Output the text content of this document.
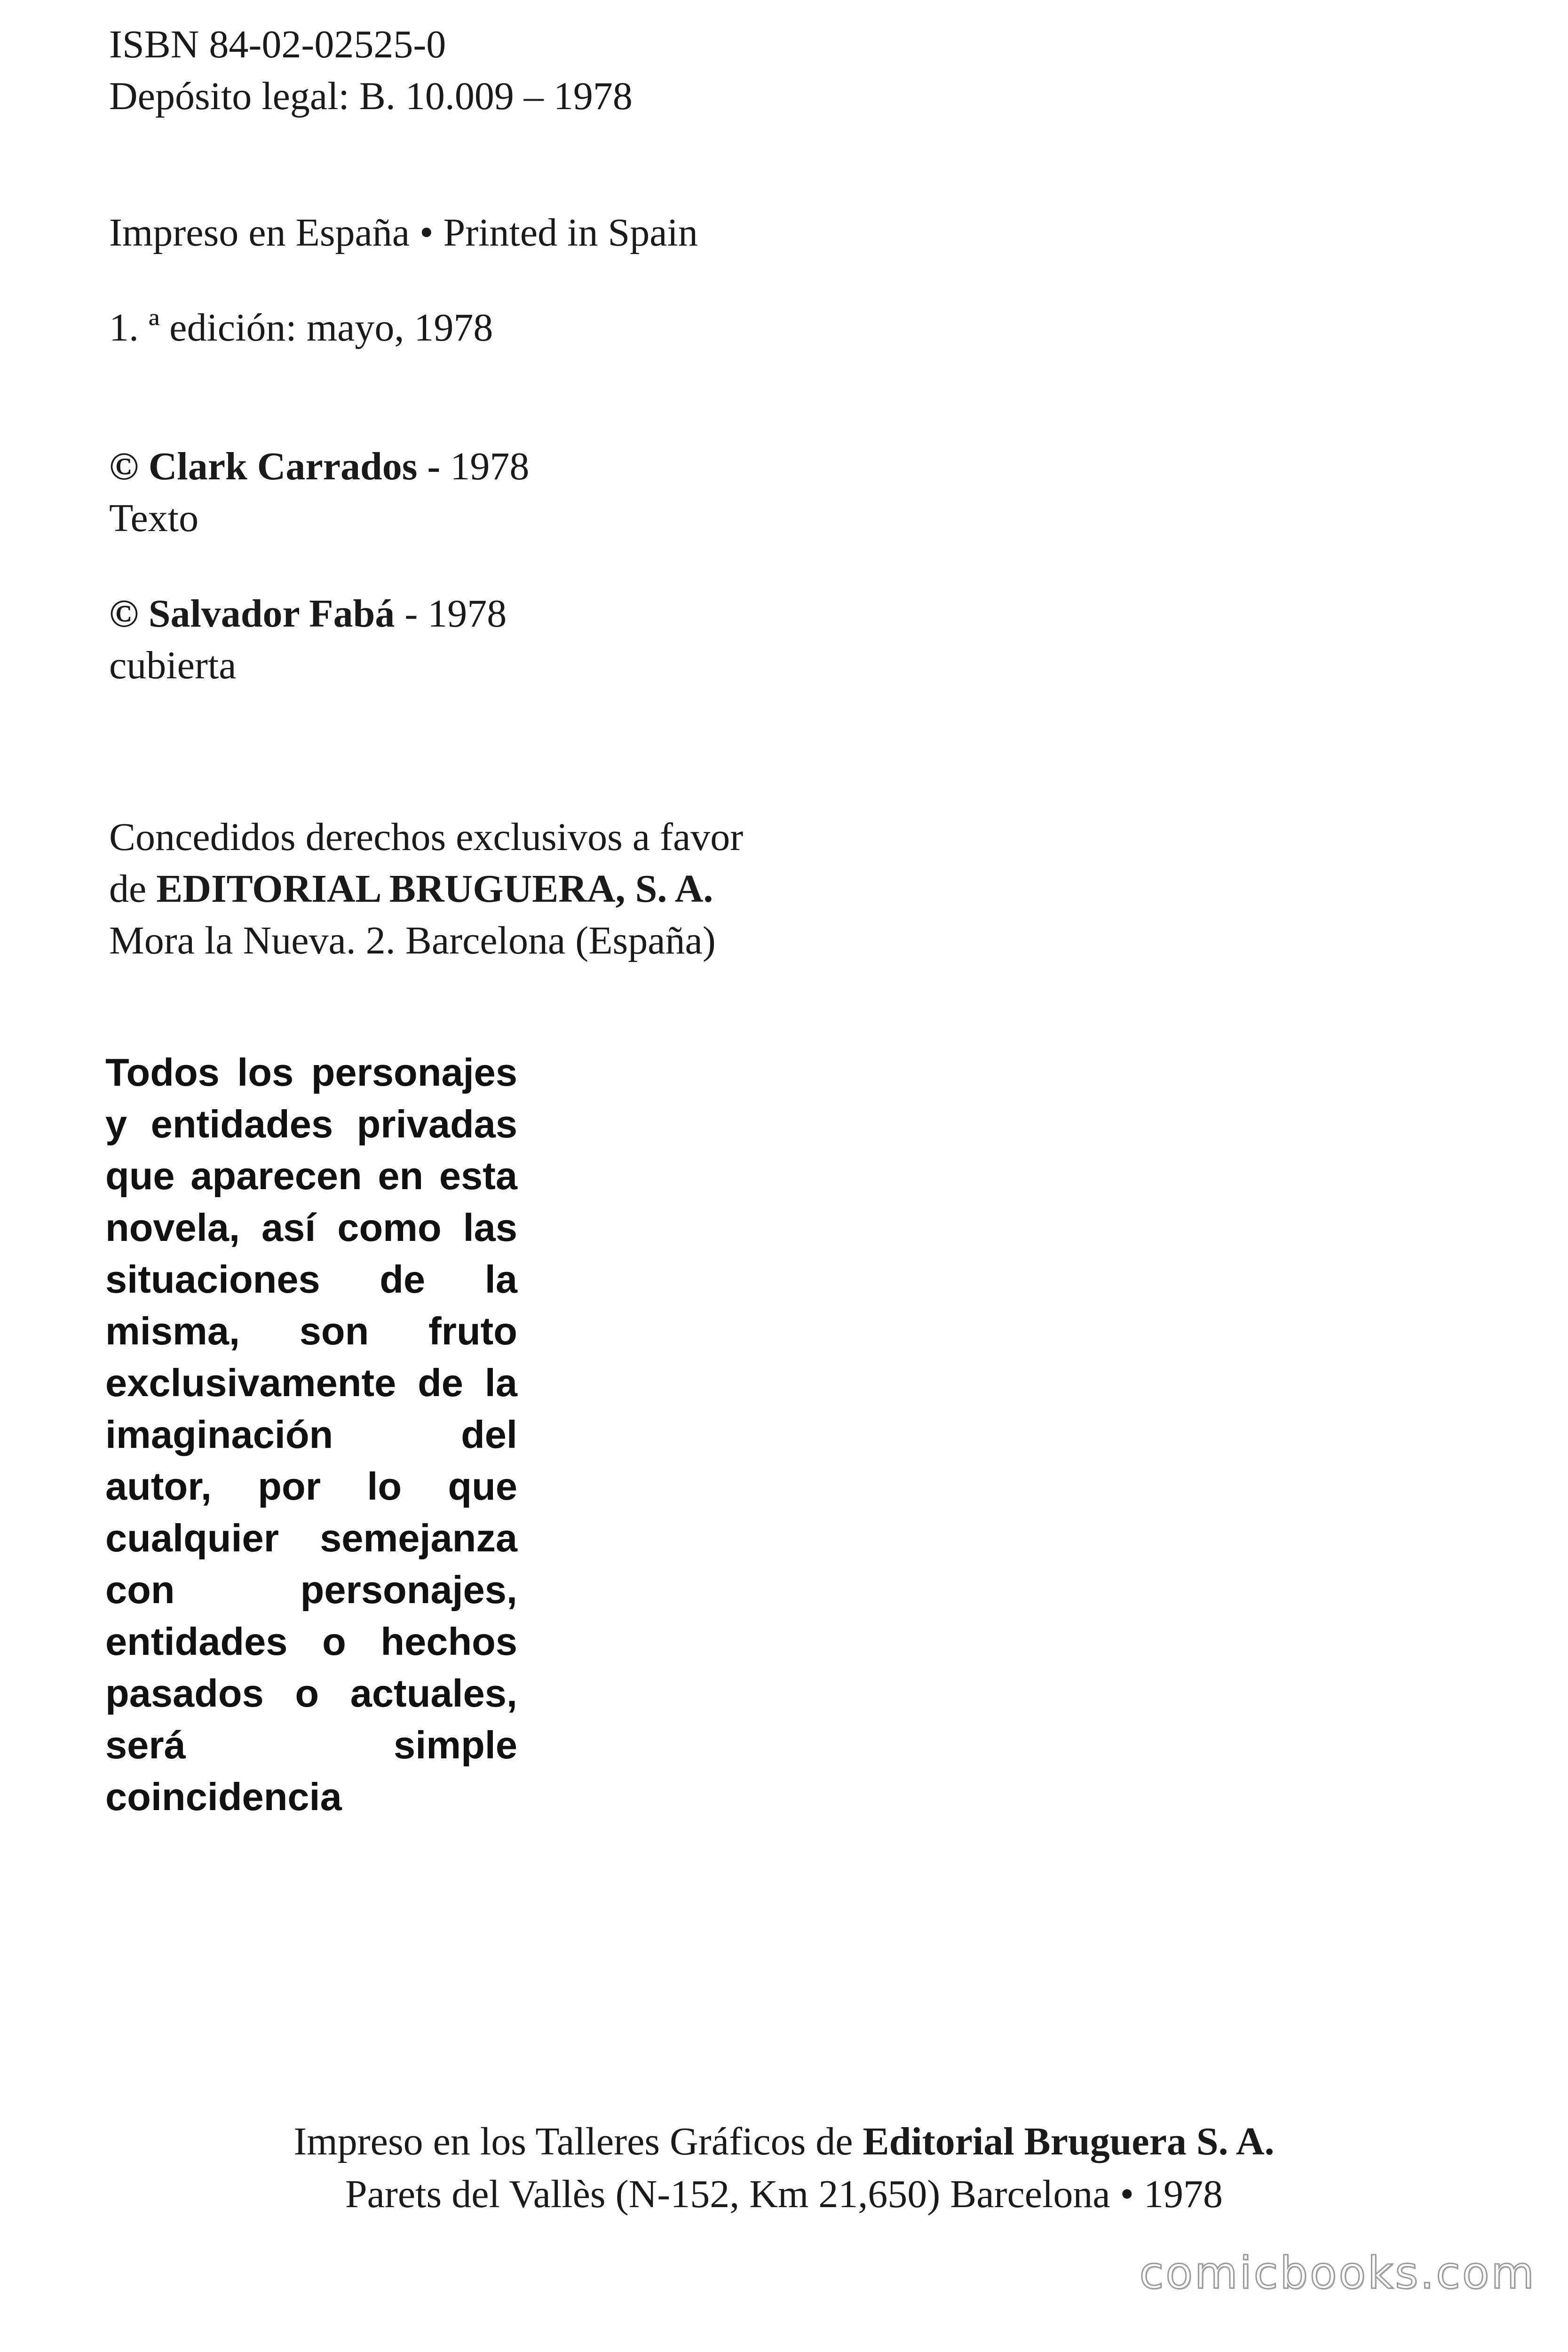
ISBN 84-02-02525-0

Depósito legal: B. 10.009 – 1978

Impreso en España • Printed in Spain

1. ª edición: mayo, 1978

© Clark Carrados - 1978

Texto

© Salvador Fabá - 1978

cubierta

Concedidos derechos exclusivos a favor

de EDITORIAL BRUGUERA, S. A.

Mora la Nueva. 2. Barcelona (España)

Todos los personajes y entidades privadas que aparecen en esta novela, así como las situaciones de la misma, son fruto exclusivamente de la imaginación del autor, por lo que cualquier semejanza con personajes, entidades o hechos pasados o actuales, será simple coincidencia

Impreso en los Talleres Gráficos de Editorial Bruguera S. A.

Parets del Vallès (N-152, Km 21,650) Barcelona • 1978

comicbooks.com
